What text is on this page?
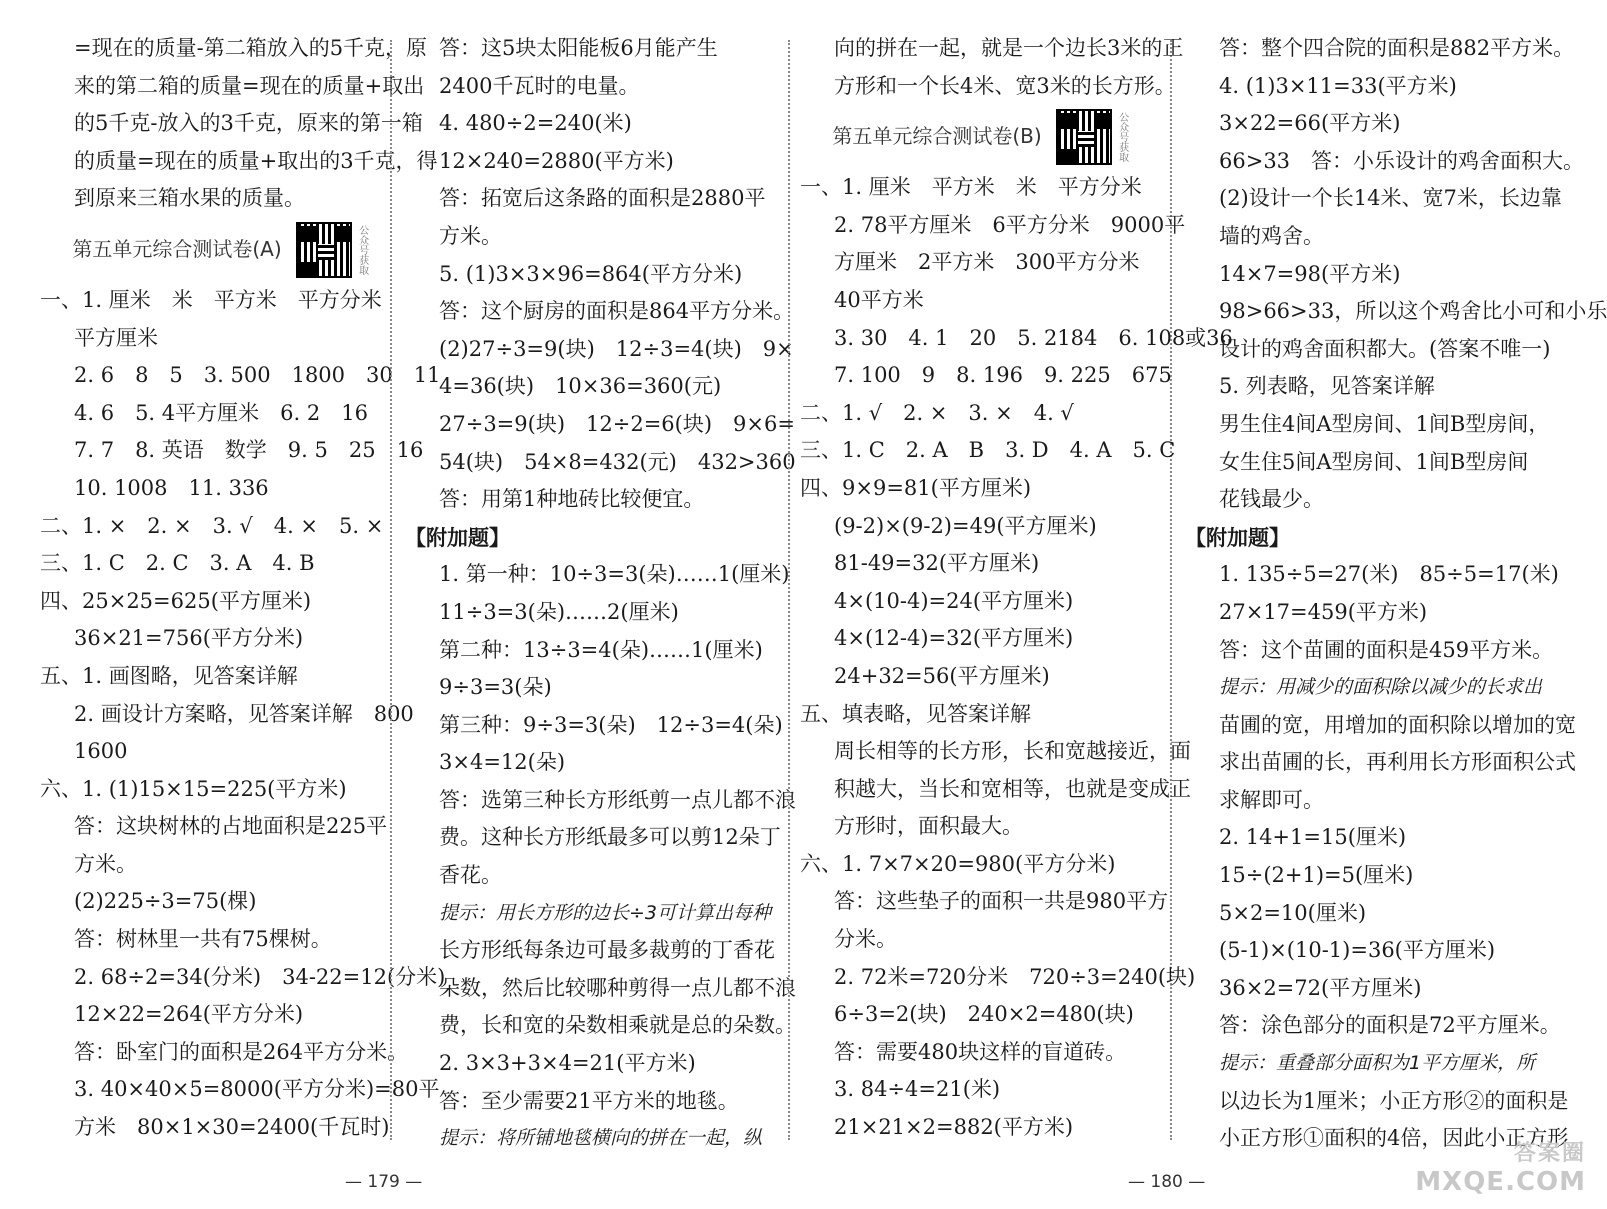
=现在的质量-第二箱放入的5千克，原
来的第二箱的质量=现在的质量+取出
的5千克-放入的3千克，原来的第一箱
的质量=现在的质量+取出的3千克，得
到原来三箱水果的质量。
第五单元综合测试卷(A)	公众号获取
一、1. 厘米　米　平方米　平方分米
平方厘米
2. 6　8　5　3. 500　1800　30　11
4. 6　5. 4平方厘米　6. 2　16
7. 7　8. 英语　数学　9. 5　25　16
10. 1008　11. 336
二、1. ×　2. ×　3. √　4. ×　5. ×
三、1. C　2. C　3. A　4. B
四、25×25=625(平方厘米)
36×21=756(平方分米)
五、1. 画图略，见答案详解
2. 画设计方案略，见答案详解　800
1600
六、1. (1)15×15=225(平方米)
答：这块树林的占地面积是225平
方米。
(2)225÷3=75(棵)
答：树林里一共有75棵树。
2. 68÷2=34(分米)　34-22=12(分米)
12×22=264(平方分米)
答：卧室门的面积是264平方分米。
3. 40×40×5=8000(平方分米)=80平
方米　80×1×30=2400(千瓦时)
答：这5块太阳能板6月能产生
2400千瓦时的电量。
4. 480÷2=240(米)
12×240=2880(平方米)
答：拓宽后这条路的面积是2880平
方米。
5. (1)3×3×96=864(平方分米)
答：这个厨房的面积是864平方分米。
(2)27÷3=9(块)　12÷3=4(块)　9×
4=36(块)　10×36=360(元)
27÷3=9(块)　12÷2=6(块)　9×6=
54(块)　54×8=432(元)　432>360
答：用第1种地砖比较便宜。
【附加题】
1. 第一种：10÷3=3(朵)……1(厘米)
11÷3=3(朵)……2(厘米)
第二种：13÷3=4(朵)……1(厘米)
9÷3=3(朵)
第三种：9÷3=3(朵)　12÷3=4(朵)
3×4=12(朵)
答：选第三种长方形纸剪一点儿都不浪
费。这种长方形纸最多可以剪12朵丁
香花。
提示：用长方形的边长÷3可计算出每种
长方形纸每条边可最多裁剪的丁香花
朵数，然后比较哪种剪得一点儿都不浪
费，长和宽的朵数相乘就是总的朵数。
2. 3×3+3×4=21(平方米)
答：至少需要21平方米的地毯。
提示：将所铺地毯横向的拼在一起，纵
— 179 —
向的拼在一起，就是一个边长3米的正
方形和一个长4米、宽3米的长方形。
第五单元综合测试卷(B)	公众号获取
一、1. 厘米　平方米　米　平方分米
2. 78平方厘米　6平方分米　9000平
方厘米　2平方米　300平方分米
40平方米
3. 30　4. 1　20　5. 2184　6. 108或36
7. 100　9　8. 196　9. 225　675
二、1. √　2. ×　3. ×　4. √
三、1. C　2. A　B　3. D　4. A　5. C
四、9×9=81(平方厘米)
(9-2)×(9-2)=49(平方厘米)
81-49=32(平方厘米)
4×(10-4)=24(平方厘米)
4×(12-4)=32(平方厘米)
24+32=56(平方厘米)
五、填表略，见答案详解
周长相等的长方形，长和宽越接近，面
积越大，当长和宽相等，也就是变成正
方形时，面积最大。
六、1. 7×7×20=980(平方分米)
答：这些垫子的面积一共是980平方
分米。
2. 72米=720分米　720÷3=240(块)
6÷3=2(块)　240×2=480(块)
答：需要480块这样的盲道砖。
3. 84÷4=21(米)
21×21×2=882(平方米)
答：整个四合院的面积是882平方米。
4. (1)3×11=33(平方米)
3×22=66(平方米)
66>33　答：小乐设计的鸡舍面积大。
(2)设计一个长14米、宽7米，长边靠
墙的鸡舍。
14×7=98(平方米)
98>66>33，所以这个鸡舍比小可和小乐
设计的鸡舍面积都大。(答案不唯一)
5. 列表略，见答案详解
男生住4间A型房间、1间B型房间，
女生住5间A型房间、1间B型房间
花钱最少。
【附加题】
1. 135÷5=27(米)　85÷5=17(米)
27×17=459(平方米)
答：这个苗圃的面积是459平方米。
提示：用减少的面积除以减少的长求出
苗圃的宽，用增加的面积除以增加的宽
求出苗圃的长，再利用长方形面积公式
求解即可。
2. 14+1=15(厘米)
15÷(2+1)=5(厘米)
5×2=10(厘米)
(5-1)×(10-1)=36(平方厘米)
36×2=72(平方厘米)
答：涂色部分的面积是72平方厘米。
提示：重叠部分面积为1平方厘米，所
以边长为1厘米；小正方形②的面积是
小正方形①面积的4倍，因此小正方形
— 180 —
答案圈
MXQE.COM
